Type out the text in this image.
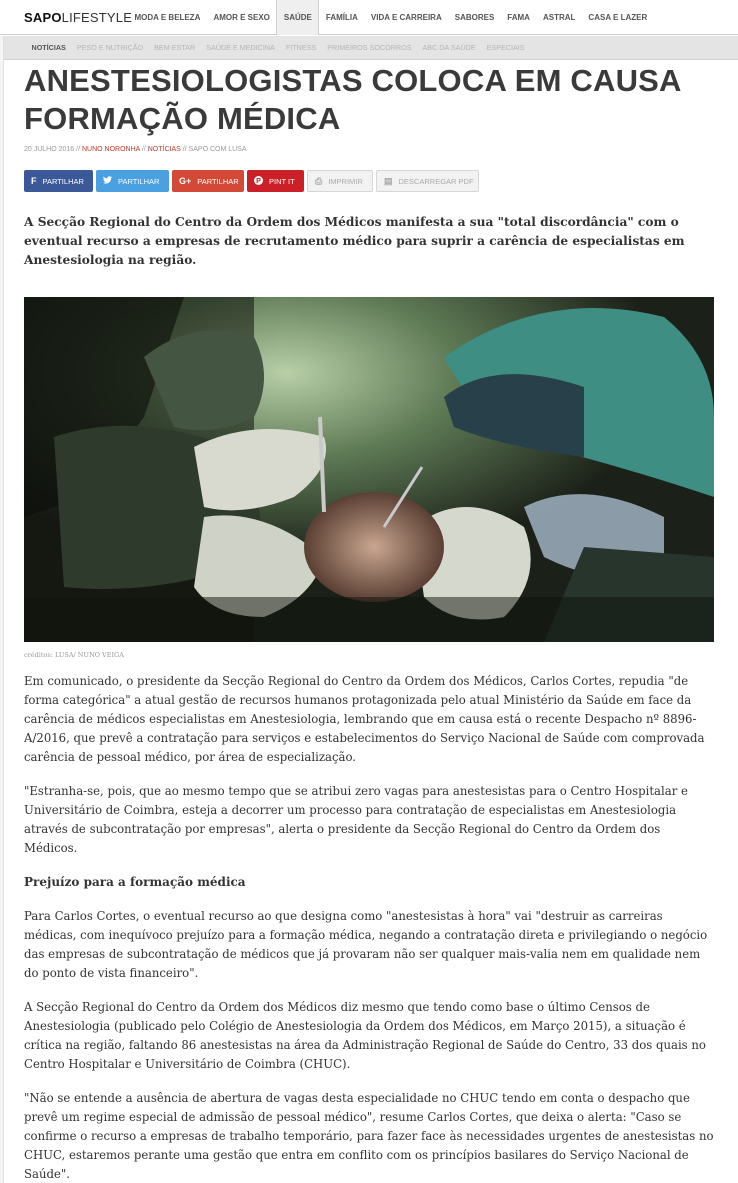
SAPOLIFESTYLE MODA E BELEZA	AMOR E SEXO	SAÚDE	FAMÍLIA	VIDA E CARREIRA	SABORES	FAMA	ASTRAL	CASA E LAZER
NOTÍCIAS	PESO E NUTRIÇÃO	BEM ESTAR	SAÚDE E MEDICINA	FITNESS	PRIMEIROS SOCORROS	ABC DA SAÚDE	ESPECIAIS
ANESTESIOLOGISTAS COLOCA EM CAUSA
FORMAÇÃO MÉDICA
20 JULHO 2016 // NUNO NORONHA // NOTÍCIAS // SAPO COM LUSA
F PARTILHAR	PARTILHAR G+ PARTILHAR P PINT IT ⎙ IMPRIMIR ▤ DESCARREGAR PDF

A Secção Regional do Centro da Ordem dos Médicos manifesta a sua "total discordância" com o eventual recurso a empresas de recrutamento médico para suprir a carência de especialistas em Anestesiologia na região.

créditos: LUSA/ NUNO VEIGA

Em comunicado, o presidente da Secção Regional do Centro da Ordem dos Médicos, Carlos Cortes, repudia "de forma categórica" a atual gestão de recursos humanos protagonizada pelo atual Ministério da Saúde em face da carência de médicos especialistas em Anestesiologia, lembrando que em causa está o recente Despacho nº 8896-A/2016, que prevê a contratação para serviços e estabelecimentos do Serviço Nacional de Saúde com comprovada carência de pessoal médico, por área de especialização.

"Estranha-se, pois, que ao mesmo tempo que se atribui zero vagas para anestesistas para o Centro Hospitalar e Universitário de Coimbra, esteja a decorrer um processo para contratação de especialistas em Anestesiologia através de subcontratação por empresas", alerta o presidente da Secção Regional do Centro da Ordem dos Médicos.

Prejuízo para a formação médica

Para Carlos Cortes, o eventual recurso ao que designa como "anestesistas à hora" vai "destruir as carreiras médicas, com inequívoco prejuízo para a formação médica, negando a contratação direta e privilegiando o negócio das empresas de subcontratação de médicos que já provaram não ser qualquer mais-valia nem em qualidade nem do ponto de vista financeiro".

A Secção Regional do Centro da Ordem dos Médicos diz mesmo que tendo como base o último Censos de Anestesiologia (publicado pelo Colégio de Anestesiologia da Ordem dos Médicos, em Março 2015), a situação é crítica na região, faltando 86 anestesistas na área da Administração Regional de Saúde do Centro, 33 dos quais no Centro Hospitalar e Universitário de Coimbra (CHUC).

"Não se entende a ausência de abertura de vagas desta especialidade no CHUC tendo em conta o despacho que prevê um regime especial de admissão de pessoal médico", resume Carlos Cortes, que deixa o alerta: "Caso se confirme o recurso a empresas de trabalho temporário, para fazer face às necessidades urgentes de anestesistas no CHUC, estaremos perante uma gestão que entra em conflito com os princípios basilares do Serviço Nacional de Saúde".
